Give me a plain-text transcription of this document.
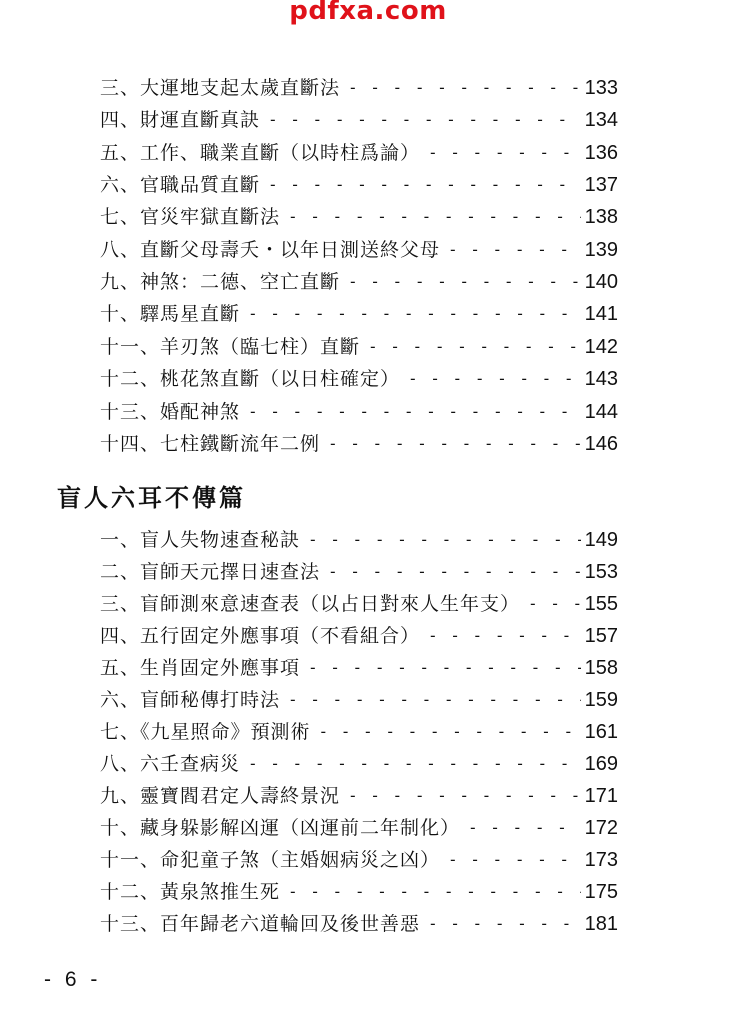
pdfxa.com
三、大運地支起太歲直斷法 - - -	133
四、財運直斷真訣 - - -	134
五、工作、職業直斷（以時柱爲論） - - -	136
六、官職品質直斷 - - -	137
七、官災牢獄直斷法 - - -	138
八、直斷父母壽夭・以年日測送終父母 - - -	139
九、神煞：二德、空亡直斷 - - -	140
十、驛馬星直斷 - - -	141
十一、羊刃煞（臨七柱）直斷 - - -	142
十二、桃花煞直斷（以日柱確定） - - -	143
十三、婚配神煞 - - -	144
十四、七柱鐵斷流年二例 - - -	146
盲人六耳不傳篇
一、盲人失物速查秘訣 - - -	149
二、盲師天元擇日速查法 - - -	153
三、盲師測來意速查表（以占日對來人生年支） - - -	155
四、五行固定外應事項（不看組合） - - -	157
五、生肖固定外應事項 - - -	158
六、盲師秘傳打時法 - - -	159
七、《九星照命》預測術 - - -	161
八、六壬查病災 - - -	169
九、靈寶閻君定人壽終景況 - - -	171
十、藏身躲影解凶運（凶運前二年制化） - - -	172
十一、命犯童子煞（主婚姻病災之凶） - - -	173
十二、黃泉煞推生死 - - -	175
十三、百年歸老六道輪回及後世善惡 - - -	181
- 6 -
